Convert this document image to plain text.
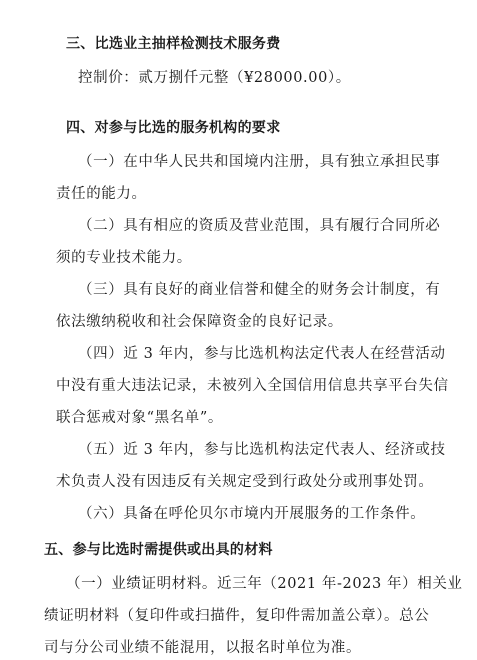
三、比选业主抽样检测技术服务费
控制价：贰万捌仟元整（¥28000.00）。
四、对参与比选的服务机构的要求
（一）在中华人民共和国境内注册，具有独立承担民事
责任的能力。
（二）具有相应的资质及营业范围，具有履行合同所必
须的专业技术能力。
（三）具有良好的商业信誉和健全的财务会计制度，有
依法缴纳税收和社会保障资金的良好记录。
（四）近 3 年内，参与比选机构法定代表人在经营活动
中没有重大违法记录，未被列入全国信用信息共享平台失信
联合惩戒对象“黑名单”。
（五）近 3 年内，参与比选机构法定代表人、经济或技
术负责人没有因违反有关规定受到行政处分或刑事处罚。
（六）具备在呼伦贝尔市境内开展服务的工作条件。
五、参与比选时需提供或出具的材料
（一）业绩证明材料。近三年（2021 年-2023 年）相关业
绩证明材料（复印件或扫描件，复印件需加盖公章）。总公
司与分公司业绩不能混用，以报名时单位为准。
